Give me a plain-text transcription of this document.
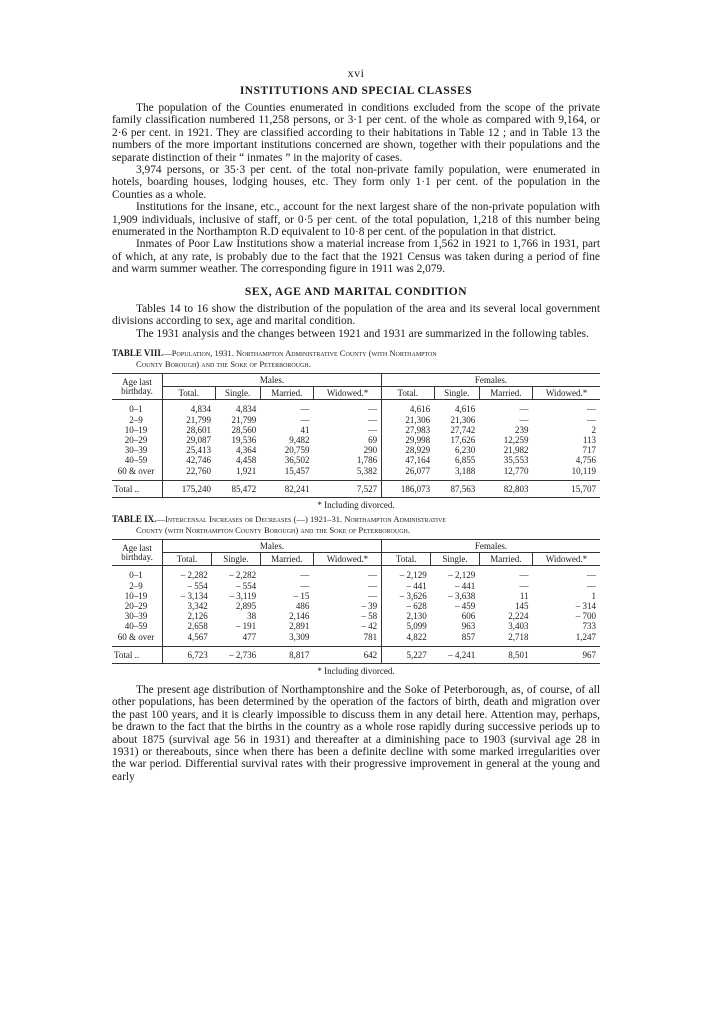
xvi
INSTITUTIONS AND SPECIAL CLASSES

The population of the Counties enumerated in conditions excluded from the scope of the private family classification numbered 11,258 persons, or 3·1 per cent. of the whole as compared with 9,164, or 2·6 per cent. in 1921. They are classified according to their habitations in Table 12 ; and in Table 13 the numbers of the more important institutions concerned are shown, together with their populations and the separate distinction of their “ inmates ” in the majority of cases.

3,974 persons, or 35·3 per cent. of the total non-private family population, were enumerated in hotels, boarding houses, lodging houses, etc. They form only 1·1 per cent. of the population in the Counties as a whole.

Institutions for the insane, etc., account for the next largest share of the non-private population with 1,909 individuals, inclusive of staff, or 0·5 per cent. of the total population, 1,218 of this number being enumerated in the Northampton R.D equivalent to 10·8 per cent. of the population in that district.

Inmates of Poor Law Institutions show a material increase from 1,562 in 1921 to 1,766 in 1931, part of which, at any rate, is probably due to the fact that the 1921 Census was taken during a period of fine and warm summer weather. The corresponding figure in 1911 was 2,079.

SEX, AGE AND MARITAL CONDITION

Tables 14 to 16 show the distribution of the population of the area and its several local government divisions according to sex, age and marital condition.

The 1931 analysis and the changes between 1921 and 1931 are summarized in the following tables.

TABLE VIII.—Population, 1931. Northampton Administrative County (with Northampton
County Borough) and the Soke of Peterborough.
Age last birthday.	Males.				Females.			
	Total.	Single.	Married.	Widowed.*	Total.	Single.	Married.	Widowed.*
0–1	4,834	4,834	—	—	4,616	4,616	—	—
2–9	21,799	21,799	—	—	21,306	21,306	—	—
10–19	28,601	28,560	41	—	27,983	27,742	239	2
20–29	29,087	19,536	9,482	69	29,998	17,626	12,259	113
30–39	25,413	4,364	20,759	290	28,929	6,230	21,982	717
40–59	42,746	4,458	36,502	1,786	47,164	6,855	35,553	4,756
60 & over	22,760	1,921	15,457	5,382	26,077	3,188	12,770	10,119
Total ..	175,240	85,472	82,241	7,527	186,073	87,563	82,803	15,707
* Including divorced.
TABLE IX.—Intercensal Increases or Decreases (—) 1921–31. Northampton Administrative
County (with Northampton County Borough) and the Soke of Peterborough.
Age last birthday.	Males.				Females.			
	Total.	Single.	Married.	Widowed.*	Total.	Single.	Married.	Widowed.*
0–1	– 2,282	– 2,282	—	—	– 2,129	– 2,129	—	—
2–9	– 554	– 554	—	—	– 441	– 441	—	—
10–19	– 3,134	– 3,119	– 15	—	– 3,626	– 3,638	11	1
20–29	3,342	2,895	486	– 39	– 628	– 459	145	– 314
30–39	2,126	38	2,146	– 58	2,130	606	2,224	– 700
40–59	2,658	– 191	2,891	– 42	5,099	963	3,403	733
60 & over	4,567	477	3,309	781	4,822	857	2,718	1,247
Total ..	6,723	– 2,736	8,817	642	5,227	– 4,241	8,501	967
* Including divorced.

The present age distribution of Northamptonshire and the Soke of Peterborough, as, of course, of all other populations, has been determined by the operation of the factors of birth, death and migration over the past 100 years, and it is clearly impossible to discuss them in any detail here. Attention may, perhaps, be drawn to the fact that the births in the country as a whole rose rapidly during successive periods up to about 1875 (survival age 56 in 1931) and thereafter at a diminishing pace to 1903 (survival age 28 in 1931) or thereabouts, since when there has been a definite decline with some marked irregularities over the war period. Differential survival rates with their progressive improvement in general at the young and early
